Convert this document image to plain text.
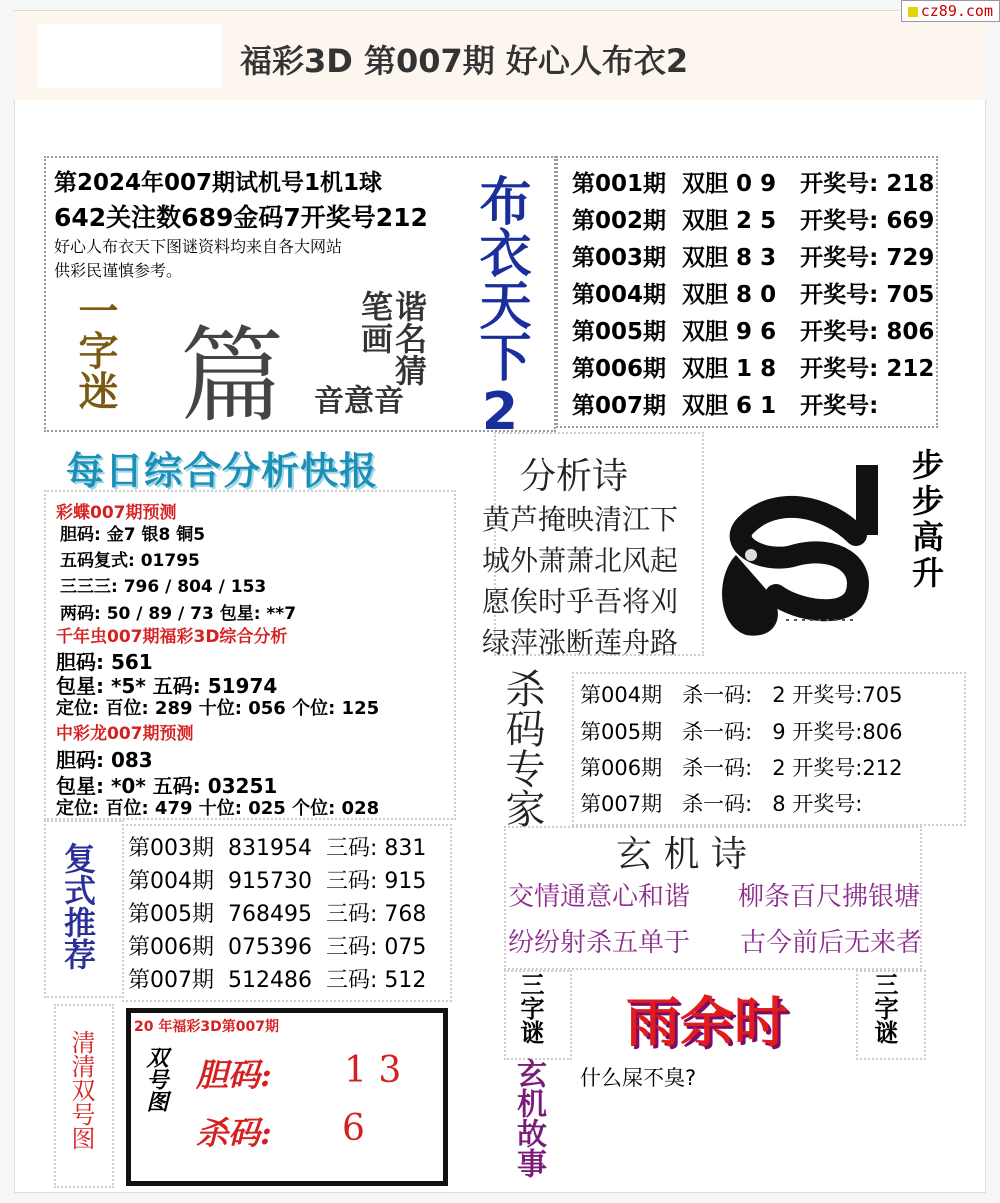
福彩3D 第007期 好心人布衣2
cz89.com
第2024年007期试机号1机1球
642关注数689金码7开奖号212
好心人布衣天下图谜资料均来自各大网站
供彩民谨慎参考。
一字迷 篇	谐名猜
笔画
音意音 布衣天下2 第001期 双胆 0 9 开奖号: 218
第002期 双胆 2 5 开奖号: 669
第003期 双胆 8 3 开奖号: 729
第004期 双胆 8 0 开奖号: 705
第005期 双胆 9 6 开奖号: 806
第006期 双胆 1 8 开奖号: 212
第007期 双胆 6 1 开奖号:
每日综合分析快报
彩蝶007期预测
胆码: 金7 银8 铜5
五码复式: 01795
三三三: 796 / 804 / 153
两码: 50 / 89 / 73 包星: **7
千年虫007期福彩3D综合分析
胆码: 561
包星: *5* 五码: 51974
定位: 百位: 289 十位: 056 个位: 125
中彩龙007期预测
胆码: 083
包星: *0* 五码: 03251
定位: 百位: 479 十位: 025 个位: 028
分析诗
黄芦掩映清江下
城外萧萧北风起
愿俟时乎吾将刈
绿萍涨断莲舟路
步步高升
杀码专家 第004期 杀一码: 2 开奖号:705
第005期 杀一码: 9 开奖号:806
第006期 杀一码: 2 开奖号:212
第007期 杀一码: 8 开奖号:
玄 机 诗
交情通意心和谐 柳条百尺拂银塘
纷纷射杀五单于 古今前后无来者
复式推荐 第003期 831954 三码: 831
第004期 915730 三码: 915
第005期 768495 三码: 768
第006期 075396 三码: 075
第007期 512486 三码: 512
清清双号图
20 年福彩3D第007期
双号图 胆码: 1 3
杀码: 6
三字谜	三字谜
雨余时
什么屎不臭?
玄机故事
